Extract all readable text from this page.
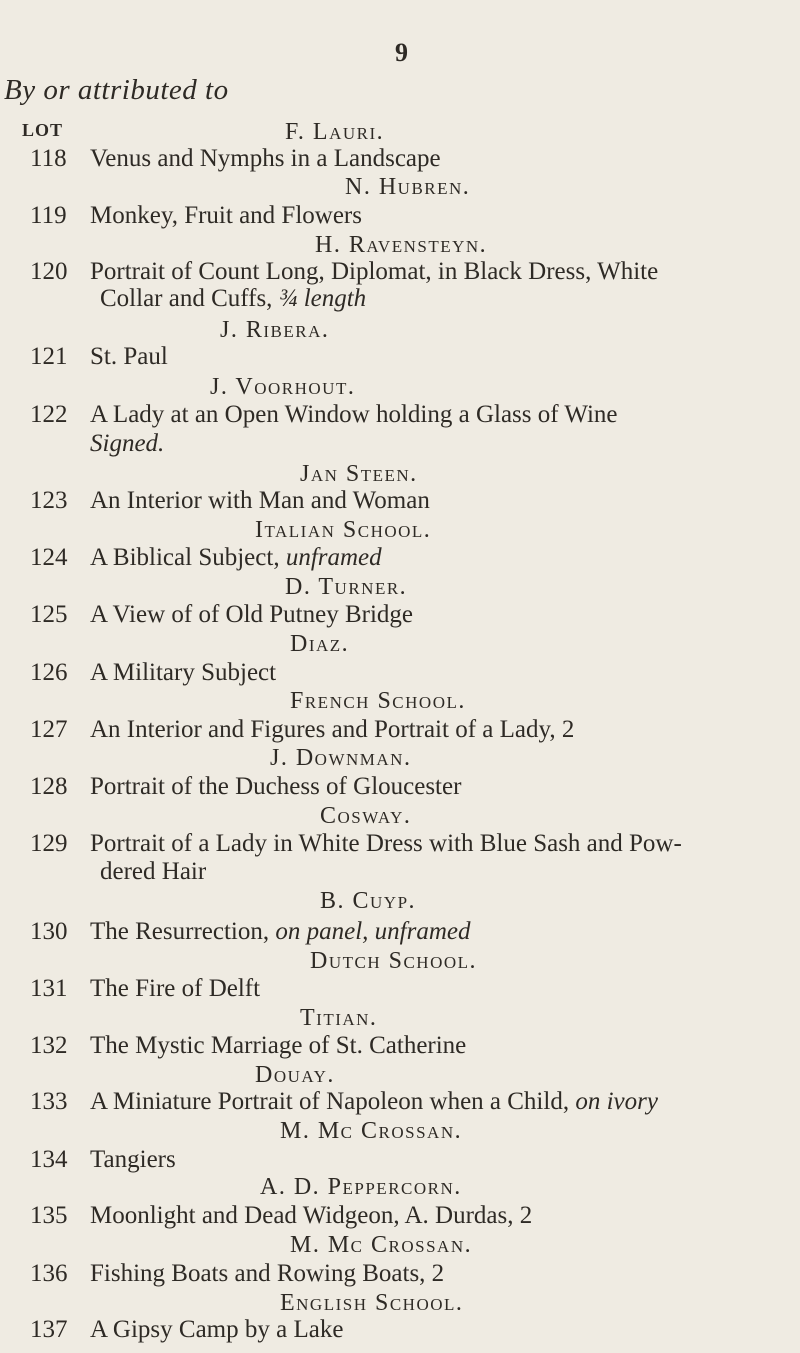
9
By or attributed to
LOT	F. Lauri.
118 Venus and Nymphs in a Landscape
N. Hubren.
119 Monkey, Fruit and Flowers
H. Ravensteyn.
120 Portrait of Count Long, Diplomat, in Black Dress, White
Collar and Cuffs, ¾ length
J. Ribera.
121 St. Paul
J. Voorhout.
122 A Lady at an Open Window holding a Glass of Wine
Signed.
Jan Steen.
123 An Interior with Man and Woman
Italian School.
124 A Biblical Subject, unframed
D. Turner.
125 A View of of Old Putney Bridge
Diaz.
126 A Military Subject
French School.
127 An Interior and Figures and Portrait of a Lady, 2
J. Downman.
128 Portrait of the Duchess of Gloucester
Cosway.
129 Portrait of a Lady in White Dress with Blue Sash and Pow-
dered Hair
B. Cuyp.
130 The Resurrection, on panel, unframed
Dutch School.
131 The Fire of Delft
Titian.
132 The Mystic Marriage of St. Catherine
Douay.
133 A Miniature Portrait of Napoleon when a Child, on ivory
M. Mc Crossan.
134 Tangiers
A. D. Peppercorn.
135 Moonlight and Dead Widgeon, A. Durdas, 2
M. Mc Crossan.
136 Fishing Boats and Rowing Boats, 2
English School.
137 A Gipsy Camp by a Lake
